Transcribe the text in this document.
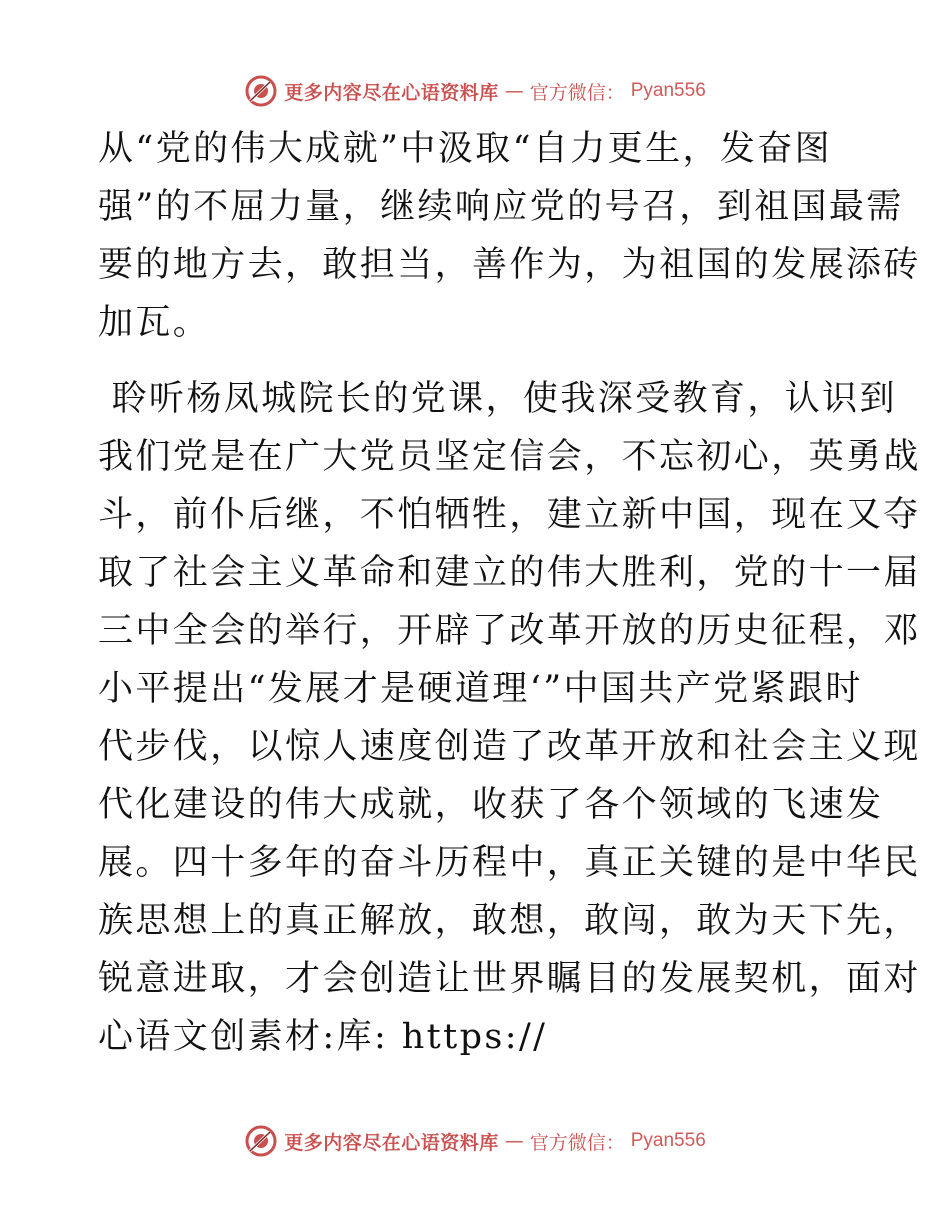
更多内容尽在心语资料库 — 官方微信： Pyan556

从“党的伟大成就”中汲取“自力更生，发奋图
强”的不屈力量，继续响应党的号召，到祖国最需
要的地方去，敢担当，善作为，为祖国的发展添砖
加瓦。

聆听杨凤城院长的党课，使我深受教育，认识到
我们党是在广大党员坚定信会，不忘初心，英勇战
斗，前仆后继，不怕牺牲，建立新中国，现在又夺
取了社会主义革命和建立的伟大胜利，党的十一届
三中全会的举行，开辟了改革开放的历史征程，邓
小平提出“发展才是硬道理‘”中国共产党紧跟时
代步伐，以惊人速度创造了改革开放和社会主义现
代化建设的伟大成就，收获了各个领域的飞速发
展。四十多年的奋斗历程中，真正关键的是中华民
族思想上的真正解放，敢想，敢闯，敢为天下先，
锐意进取，才会创造让世界瞩目的发展契机，面对
心语文创素材:库: https://

更多内容尽在心语资料库 — 官方微信： Pyan556
